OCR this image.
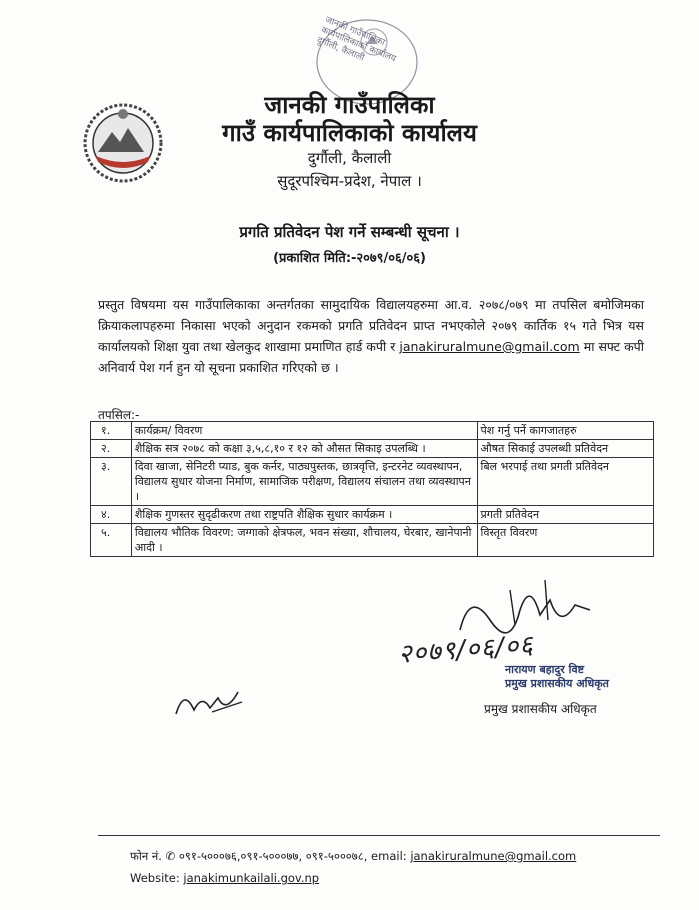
जानकी गाउँपालिका कार्यपालिकाको कार्यालय दुर्गौली, कैलाली
जानकी गाउँपालिका
गाउँ कार्यपालिकाको कार्यालय
दुर्गौली, कैलाली
सुदूरपश्चिम-प्रदेश, नेपाल ।
प्रगति प्रतिवेदन पेश गर्ने सम्बन्धी सूचना ।
(प्रकाशित मिति:-२०७९/०६/०६)
प्रस्तुत विषयमा यस गाउँपालिकाका अन्तर्गतका सामुदायिक विद्यालयहरुमा आ.व. २०७८/०७९ मा तपसिल बमोजिमका क्रियाकलापहरुमा निकासा भएको अनुदान रकमको प्रगति प्रतिवेदन प्राप्त नभएकोले २०७९ कार्तिक १५ गते भित्र यस कार्यालयको शिक्षा युवा तथा खेलकुद शाखामा प्रमाणित हार्ड कपी र janakiruralmune@gmail.com मा सफ्ट कपी अनिवार्य पेश गर्न हुन यो सूचना प्रकाशित गरिएको छ ।
तपसिल:-
१.	कार्यक्रम/ विवरण	पेश गर्नु पर्ने कागजातहरु
२.	शैक्षिक सत्र २०७८ को कक्षा ३,५,८,१० र १२ को औसत सिकाइ उपलब्धि ।	औषत सिकाई उपलब्धी प्रतिवेदन
३.	दिवा खाजा, सेनिटरी प्याड, बुक कर्नर, पाठ्यपुस्तक, छात्रवृत्ति, इन्टरनेट व्यवस्थापन, विद्यालय सुधार योजना निर्माण, सामाजिक परीक्षण, विद्यालय संचालन तथा व्यवस्थापन ।	बिल भरपाई तथा प्रगती प्रतिवेदन
४.	शैक्षिक गुणस्तर सुदृढीकरण तथा राष्ट्रपति शैक्षिक सुधार कार्यक्रम ।	प्रगती प्रतिवेदन
५.	विद्यालय भौतिक विवरण: जग्गाको क्षेत्रफल, भवन संख्या, शौचालय, घेरबार, खानेपानी आदी ।	विस्तृत विवरण
२०७९/०६/०६
नारायण बहादुर विष्ट
प्रमुख प्रशासकीय अधिकृत
प्रमुख प्रशासकीय अधिकृत
फोन नं. ✆ ०९१-५०००७६,०९१-५०००७७, ०९१-५०००७८, email: janakiruralmune@gmail.com
Website: janakimunkailali.gov.np
